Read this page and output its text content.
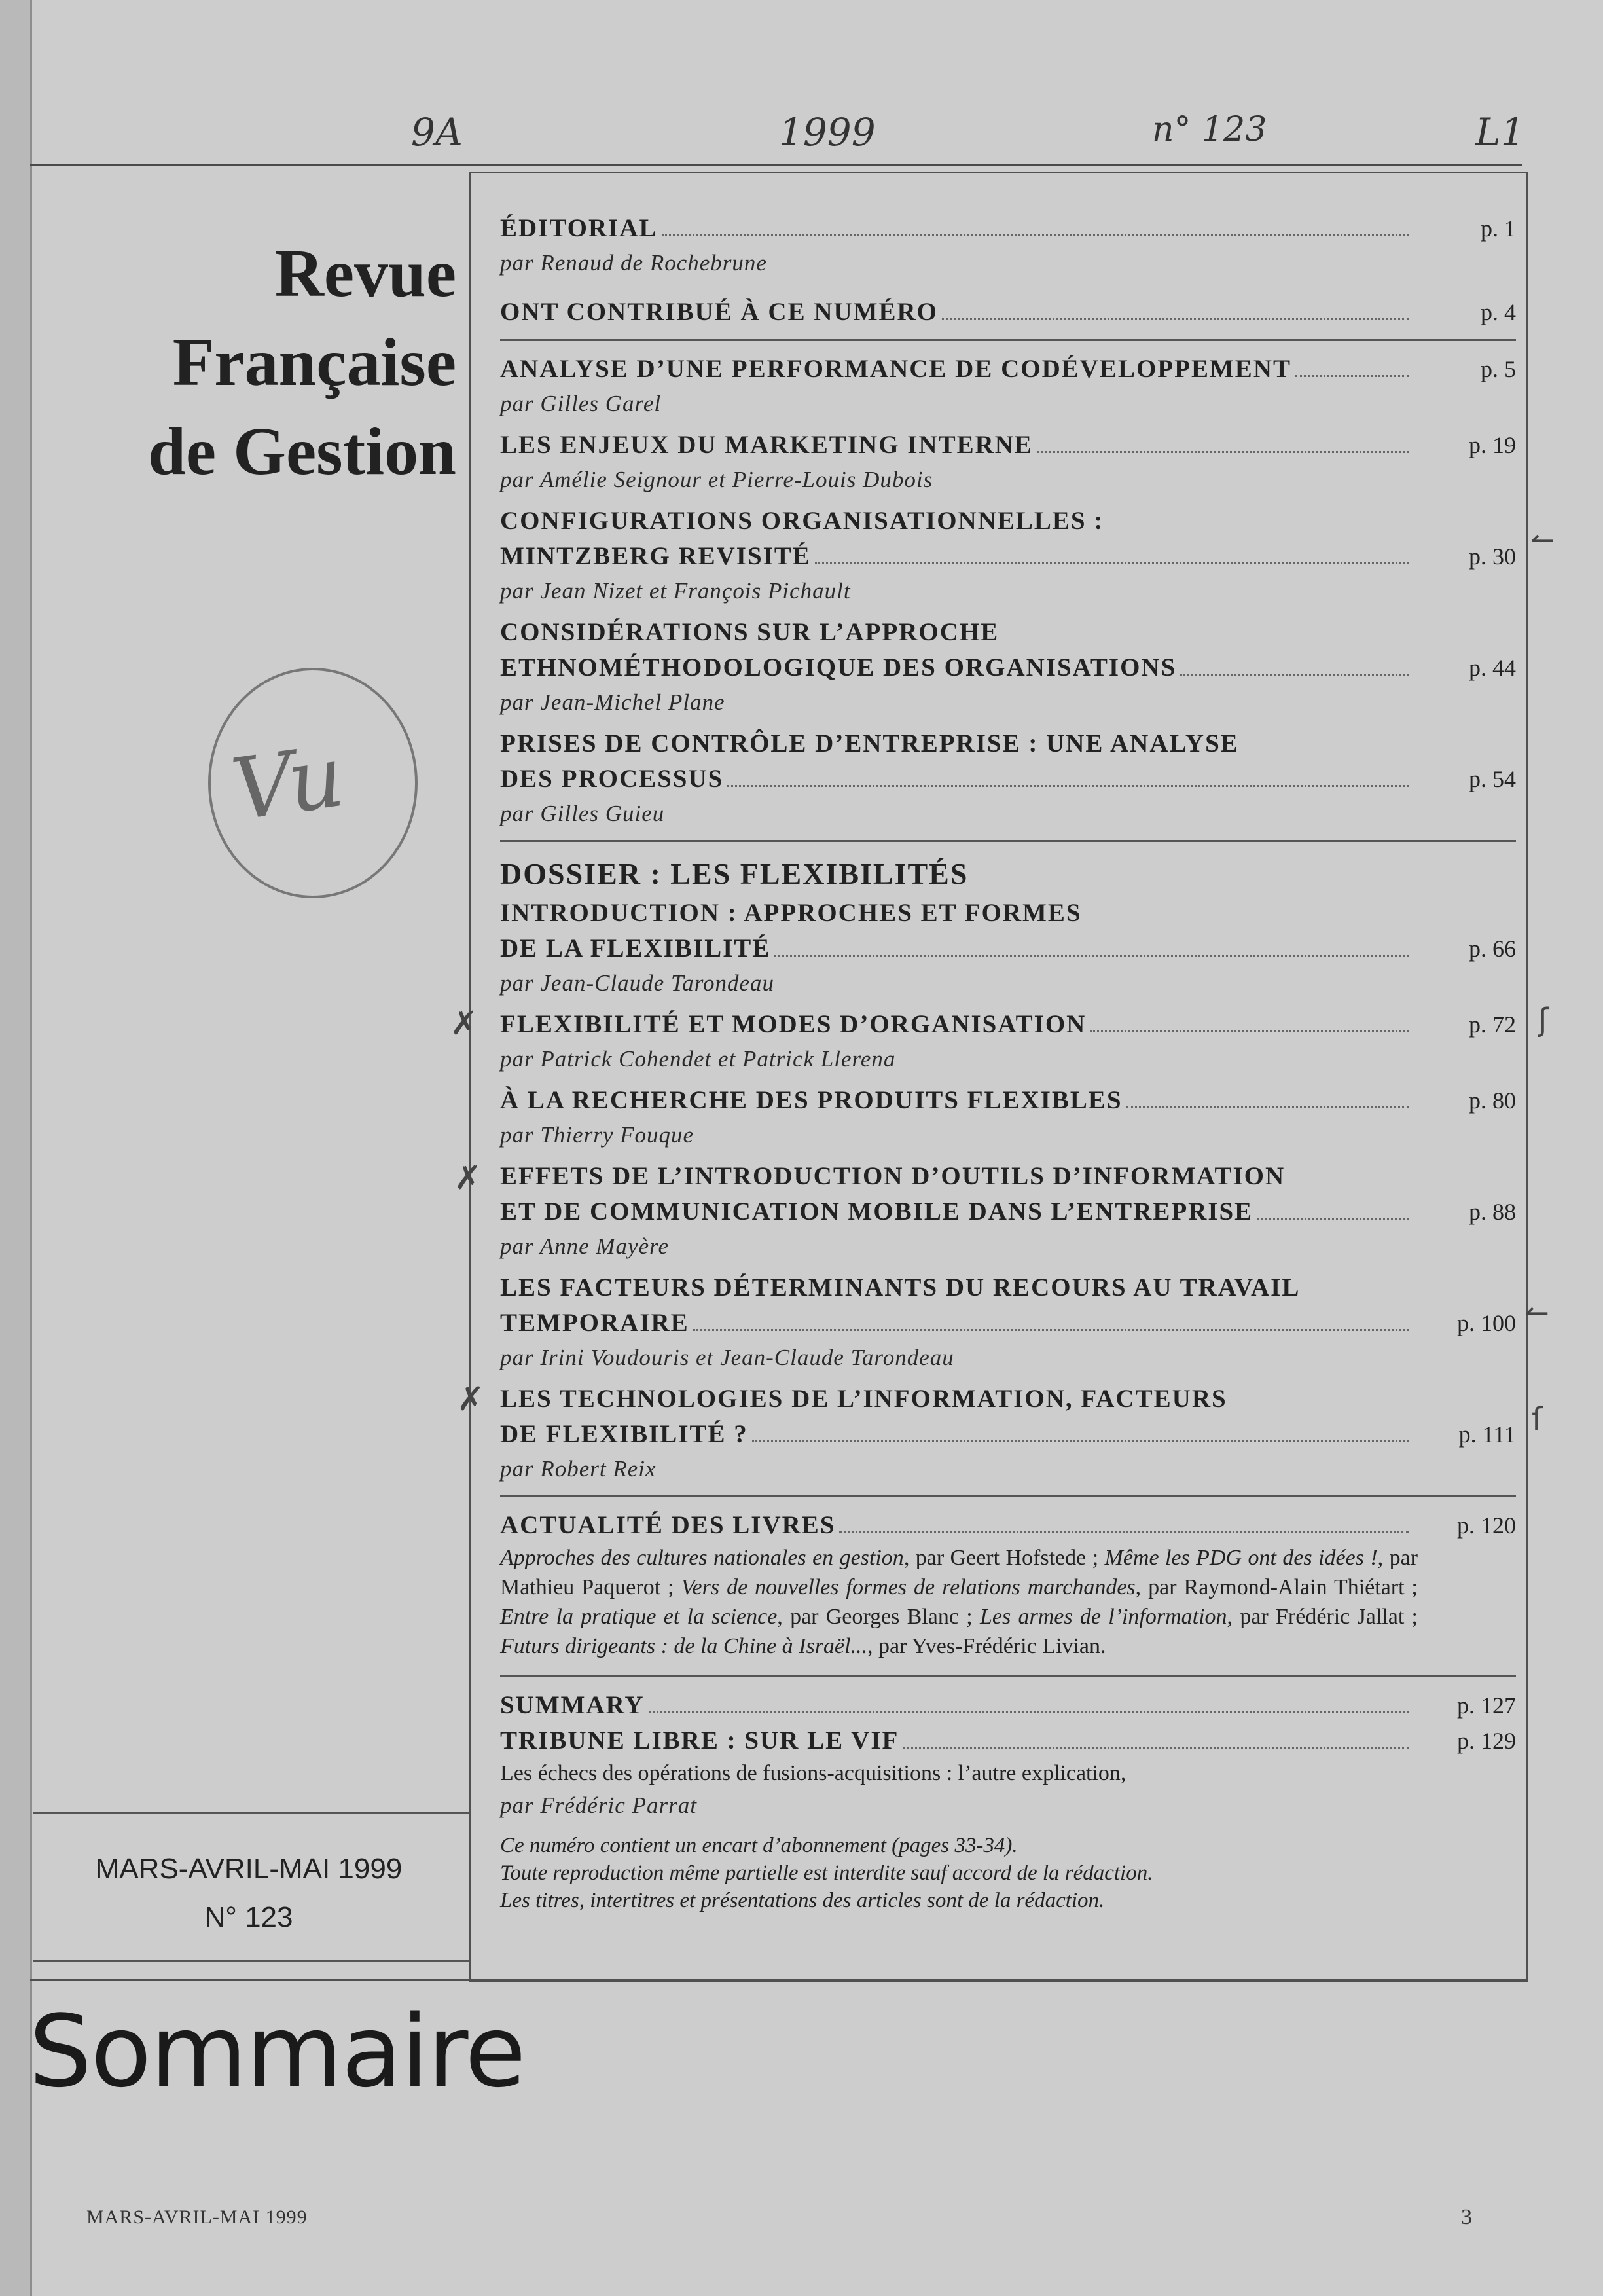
9A	1999	n° 123	L1
Revue
Française
de Gestion
Vu
MARS-AVRIL-MAI 1999
N° 123
ÉDITORIAL	p. 1
par Renaud de Rochebrune
ONT CONTRIBUÉ À CE NUMÉRO	p. 4
ANALYSE D’UNE PERFORMANCE DE CODÉVELOPPEMENT	p. 5
par Gilles Garel
LES ENJEUX DU MARKETING INTERNE	p. 19
par Amélie Seignour et Pierre-Louis Dubois
CONFIGURATIONS ORGANISATIONNELLES :
MINTZBERG REVISITÉ	p. 30
par Jean Nizet et François Pichault
CONSIDÉRATIONS SUR L’APPROCHE
ETHNOMÉTHODOLOGIQUE DES ORGANISATIONS	p. 44
par Jean-Michel Plane
PRISES DE CONTRÔLE D’ENTREPRISE : UNE ANALYSE
DES PROCESSUS	p. 54
par Gilles Guieu
DOSSIER : LES FLEXIBILITÉS
INTRODUCTION : APPROCHES ET FORMES
DE LA FLEXIBILITÉ	p. 66
par Jean-Claude Tarondeau
✗ FLEXIBILITÉ ET MODES D’ORGANISATION	p. 72
par Patrick Cohendet et Patrick Llerena
À LA RECHERCHE DES PRODUITS FLEXIBLES	p. 80
par Thierry Fouque
✗ EFFETS DE L’INTRODUCTION D’OUTILS D’INFORMATION
ET DE COMMUNICATION MOBILE DANS L’ENTREPRISE	p. 88
par Anne Mayère
LES FACTEURS DÉTERMINANTS DU RECOURS AU TRAVAIL
TEMPORAIRE	p. 100
par Irini Voudouris et Jean-Claude Tarondeau
✗ LES TECHNOLOGIES DE L’INFORMATION, FACTEURS
DE FLEXIBILITÉ ?	p. 111
par Robert Reix
ACTUALITÉ DES LIVRES	p. 120
Approches des cultures nationales en gestion, par Geert Hofstede ; Même les PDG ont des idées !, par Mathieu Paquerot ; Vers de nouvelles formes de relations marchandes, par Raymond-Alain Thiétart ; Entre la pratique et la science, par Georges Blanc ; Les armes de l’information, par Frédéric Jallat ; Futurs dirigeants : de la Chine à Israël..., par Yves-Frédéric Livian.
SUMMARY	p. 127
TRIBUNE LIBRE : SUR LE VIF	p. 129
Les échecs des opérations de fusions-acquisitions : l’autre explication,
par Frédéric Parrat
Ce numéro contient un encart d’abonnement (pages 33-34).
Toute reproduction même partielle est interdite sauf accord de la rédaction.
Les titres, intertitres et présentations des articles sont de la rédaction.
↼
ʃ
↼
ſ
Sommaire
MARS-AVRIL-MAI 1999	3
